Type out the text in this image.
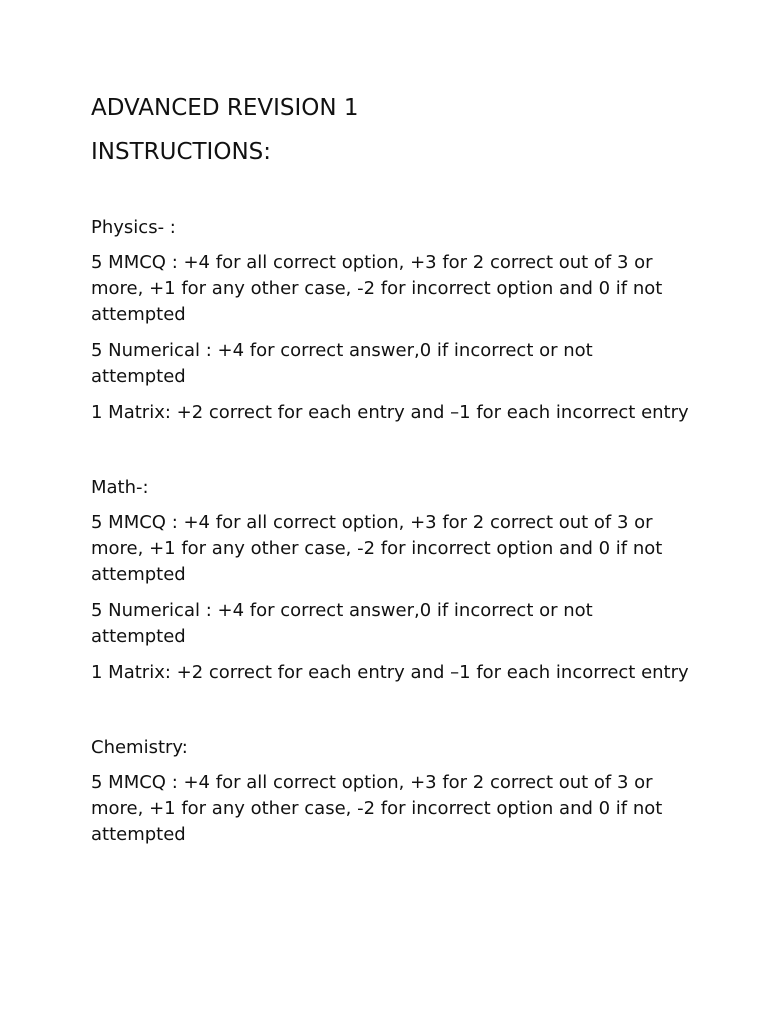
ADVANCED REVISION 1
INSTRUCTIONS:

Physics- :

5 MMCQ : +4 for all correct option, +3 for 2 correct out of 3 or more, +1 for any other case, -2 for incorrect option and 0 if not attempted

5 Numerical : +4 for correct answer,0 if incorrect or not attempted

1 Matrix: +2 correct for each entry and –1 for each incorrect entry

Math-:

5 MMCQ : +4 for all correct option, +3 for 2 correct out of 3 or more, +1 for any other case, -2 for incorrect option and 0 if not attempted

5 Numerical : +4 for correct answer,0 if incorrect or not attempted

1 Matrix: +2 correct for each entry and –1 for each incorrect entry

Chemistry:

5 MMCQ : +4 for all correct option, +3 for 2 correct out of 3 or more, +1 for any other case, -2 for incorrect option and 0 if not attempted
